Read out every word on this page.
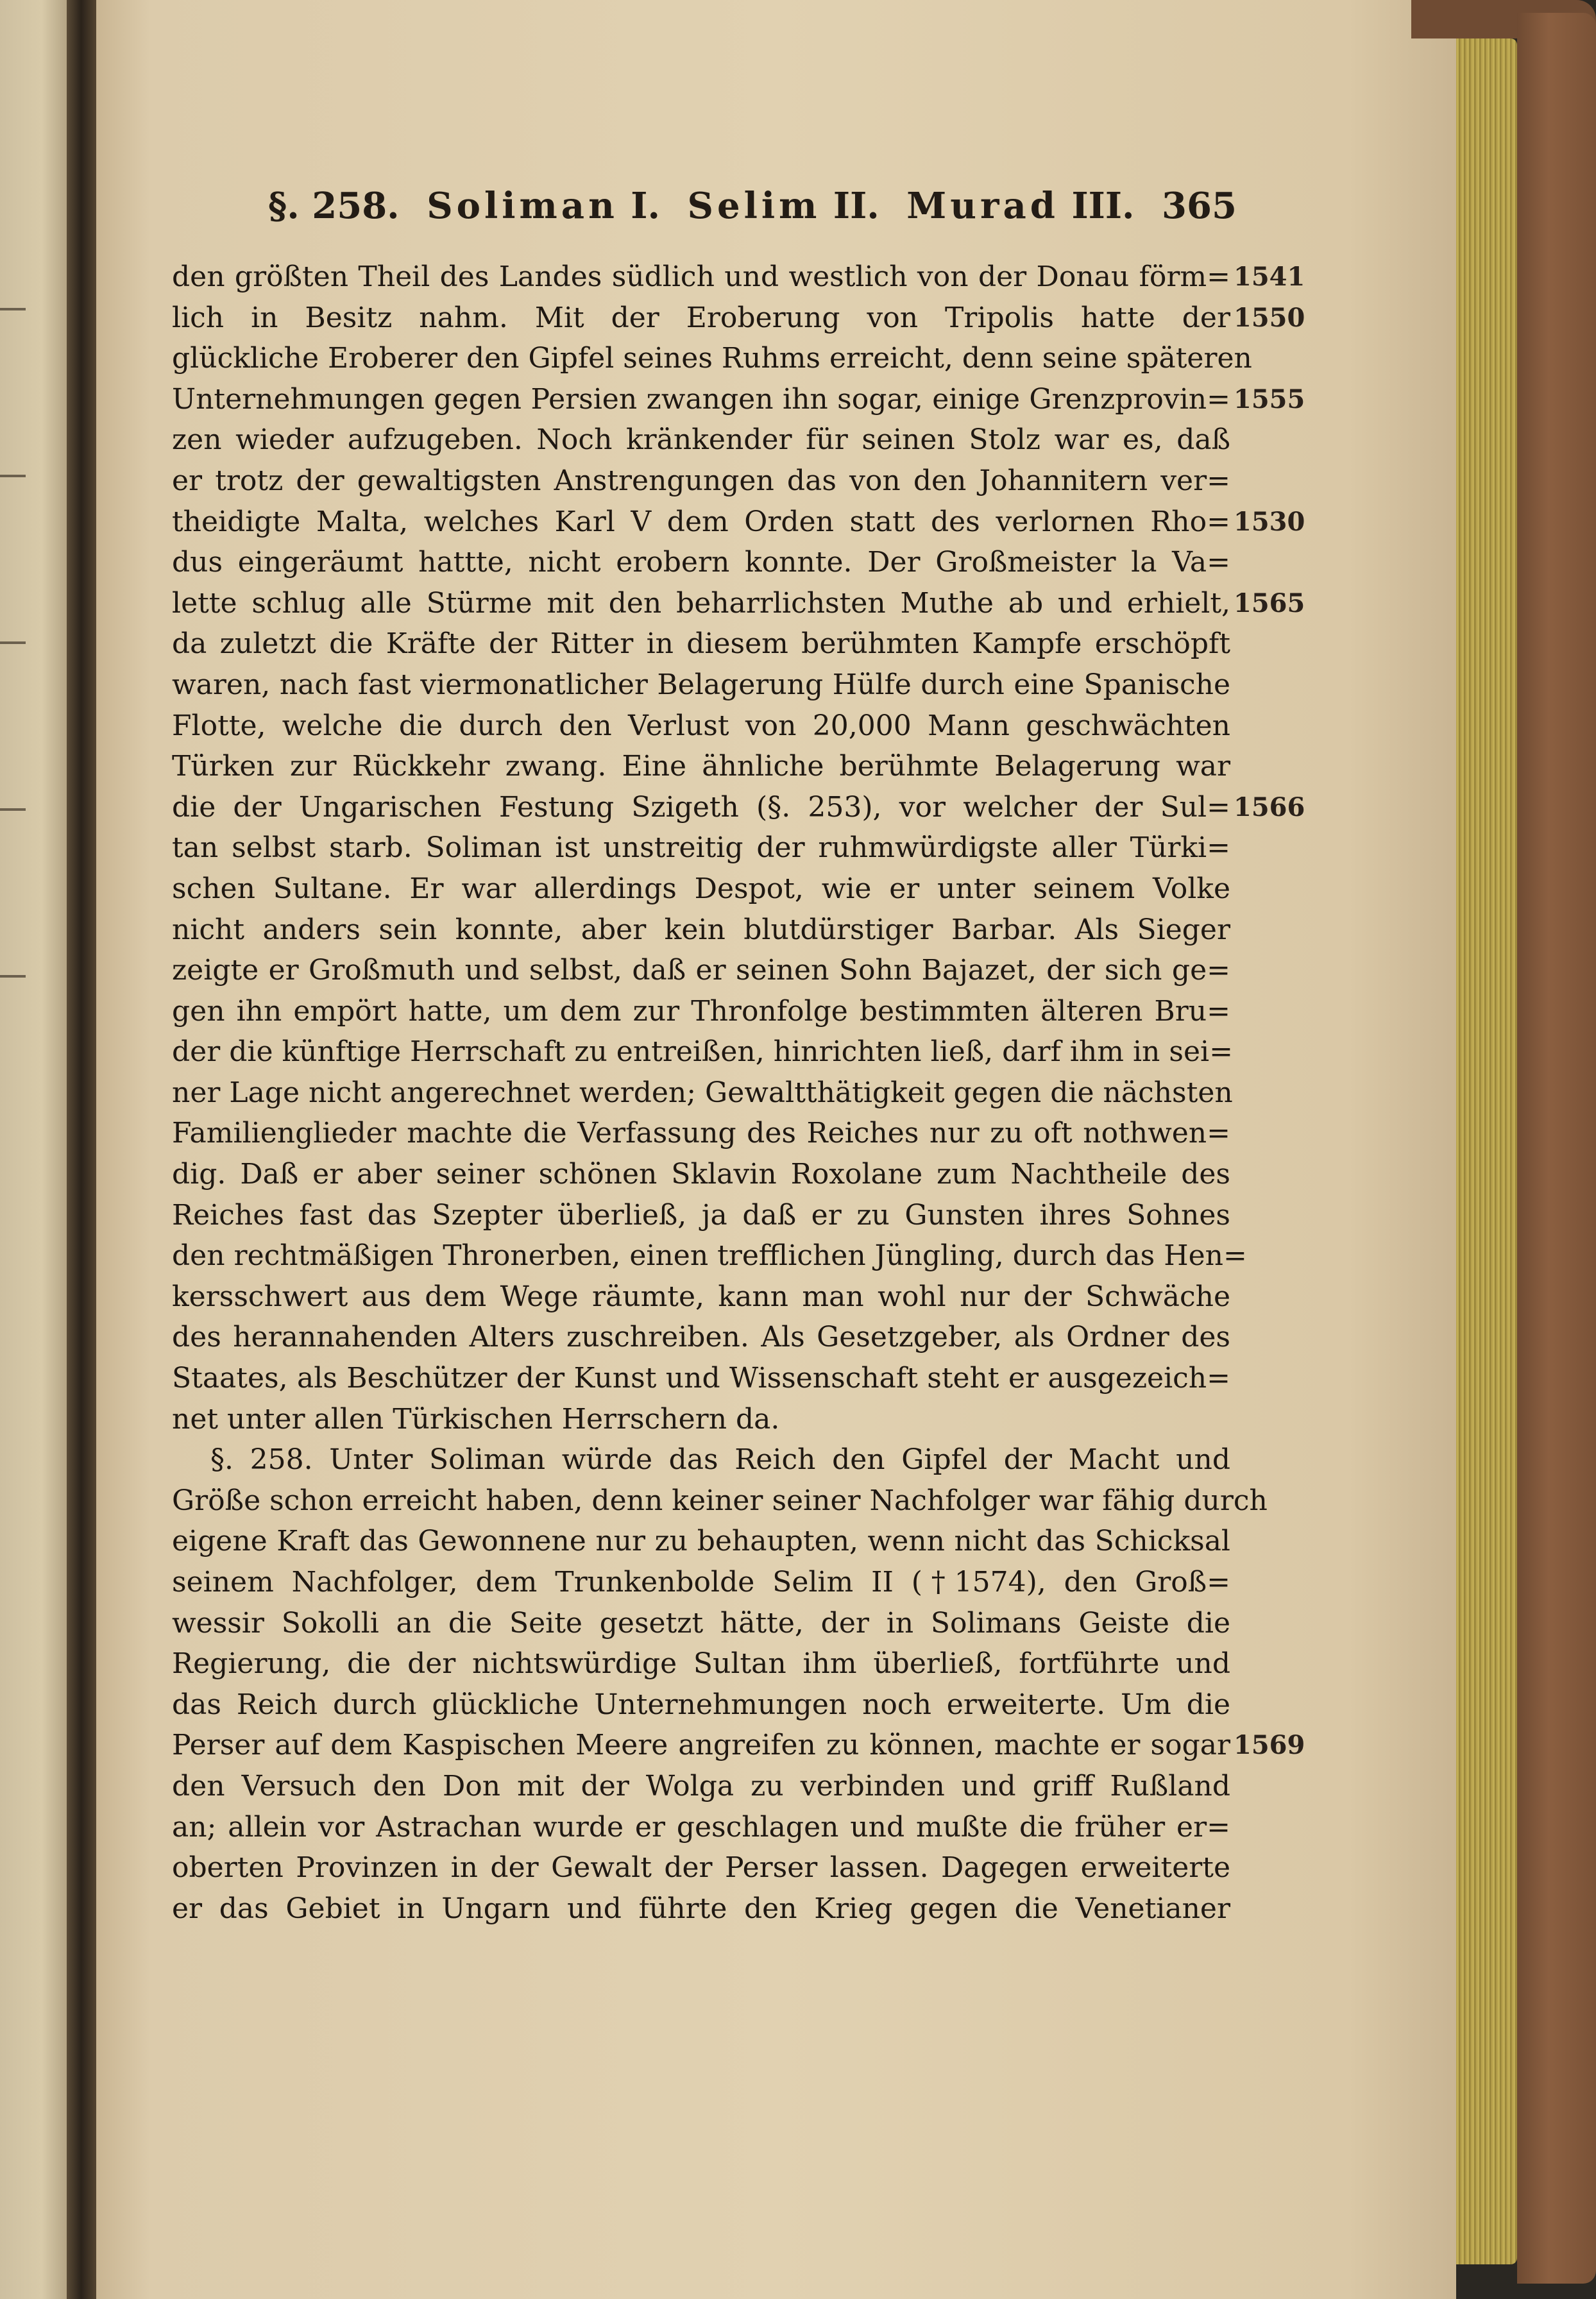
§. 258. Soliman I. Selim II. Murad III. 365
den größten Theil des Landes südlich und westlich von der Donau förm= 1541
lich in Besitz nahm. Mit der Eroberung von Tripolis hatte der 1550
glückliche Eroberer den Gipfel seines Ruhms erreicht, denn seine späteren
Unternehmungen gegen Persien zwangen ihn sogar, einige Grenzprovin= 1555
zen wieder aufzugeben. Noch kränkender für seinen Stolz war es, daß
er trotz der gewaltigsten Anstrengungen das von den Johannitern ver=
theidigte Malta, welches Karl V dem Orden statt des verlornen Rho= 1530
dus eingeräumt hattte, nicht erobern konnte. Der Großmeister la Va=
lette schlug alle Stürme mit den beharrlichsten Muthe ab und erhielt, 1565
da zuletzt die Kräfte der Ritter in diesem berühmten Kampfe erschöpft
waren, nach fast viermonatlicher Belagerung Hülfe durch eine Spanische
Flotte, welche die durch den Verlust von 20,000 Mann geschwächten
Türken zur Rückkehr zwang. Eine ähnliche berühmte Belagerung war
die der Ungarischen Festung Szigeth (§. 253), vor welcher der Sul= 1566
tan selbst starb. Soliman ist unstreitig der ruhmwürdigste aller Türki=
schen Sultane. Er war allerdings Despot, wie er unter seinem Volke
nicht anders sein konnte, aber kein blutdürstiger Barbar. Als Sieger
zeigte er Großmuth und selbst, daß er seinen Sohn Bajazet, der sich ge=
gen ihn empört hatte, um dem zur Thronfolge bestimmten älteren Bru=
der die künftige Herrschaft zu entreißen, hinrichten ließ, darf ihm in sei=
ner Lage nicht angerechnet werden; Gewaltthätigkeit gegen die nächsten
Familienglieder machte die Verfassung des Reiches nur zu oft nothwen=
dig. Daß er aber seiner schönen Sklavin Roxolane zum Nachtheile des
Reiches fast das Szepter überließ, ja daß er zu Gunsten ihres Sohnes
den rechtmäßigen Thronerben, einen trefflichen Jüngling, durch das Hen=
kersschwert aus dem Wege räumte, kann man wohl nur der Schwäche
des herannahenden Alters zuschreiben. Als Gesetzgeber, als Ordner des
Staates, als Beschützer der Kunst und Wissenschaft steht er ausgezeich=
net unter allen Türkischen Herrschern da.
§. 258. Unter Soliman würde das Reich den Gipfel der Macht und
Größe schon erreicht haben, denn keiner seiner Nachfolger war fähig durch
eigene Kraft das Gewonnene nur zu behaupten, wenn nicht das Schicksal
seinem Nachfolger, dem Trunkenbolde Selim II (†1574), den Groß=
wessir Sokolli an die Seite gesetzt hätte, der in Solimans Geiste die
Regierung, die der nichtswürdige Sultan ihm überließ, fortführte und
das Reich durch glückliche Unternehmungen noch erweiterte. Um die
Perser auf dem Kaspischen Meere angreifen zu können, machte er sogar 1569
den Versuch den Don mit der Wolga zu verbinden und griff Rußland
an; allein vor Astrachan wurde er geschlagen und mußte die früher er=
oberten Provinzen in der Gewalt der Perser lassen. Dagegen erweiterte
er das Gebiet in Ungarn und führte den Krieg gegen die Venetianer
